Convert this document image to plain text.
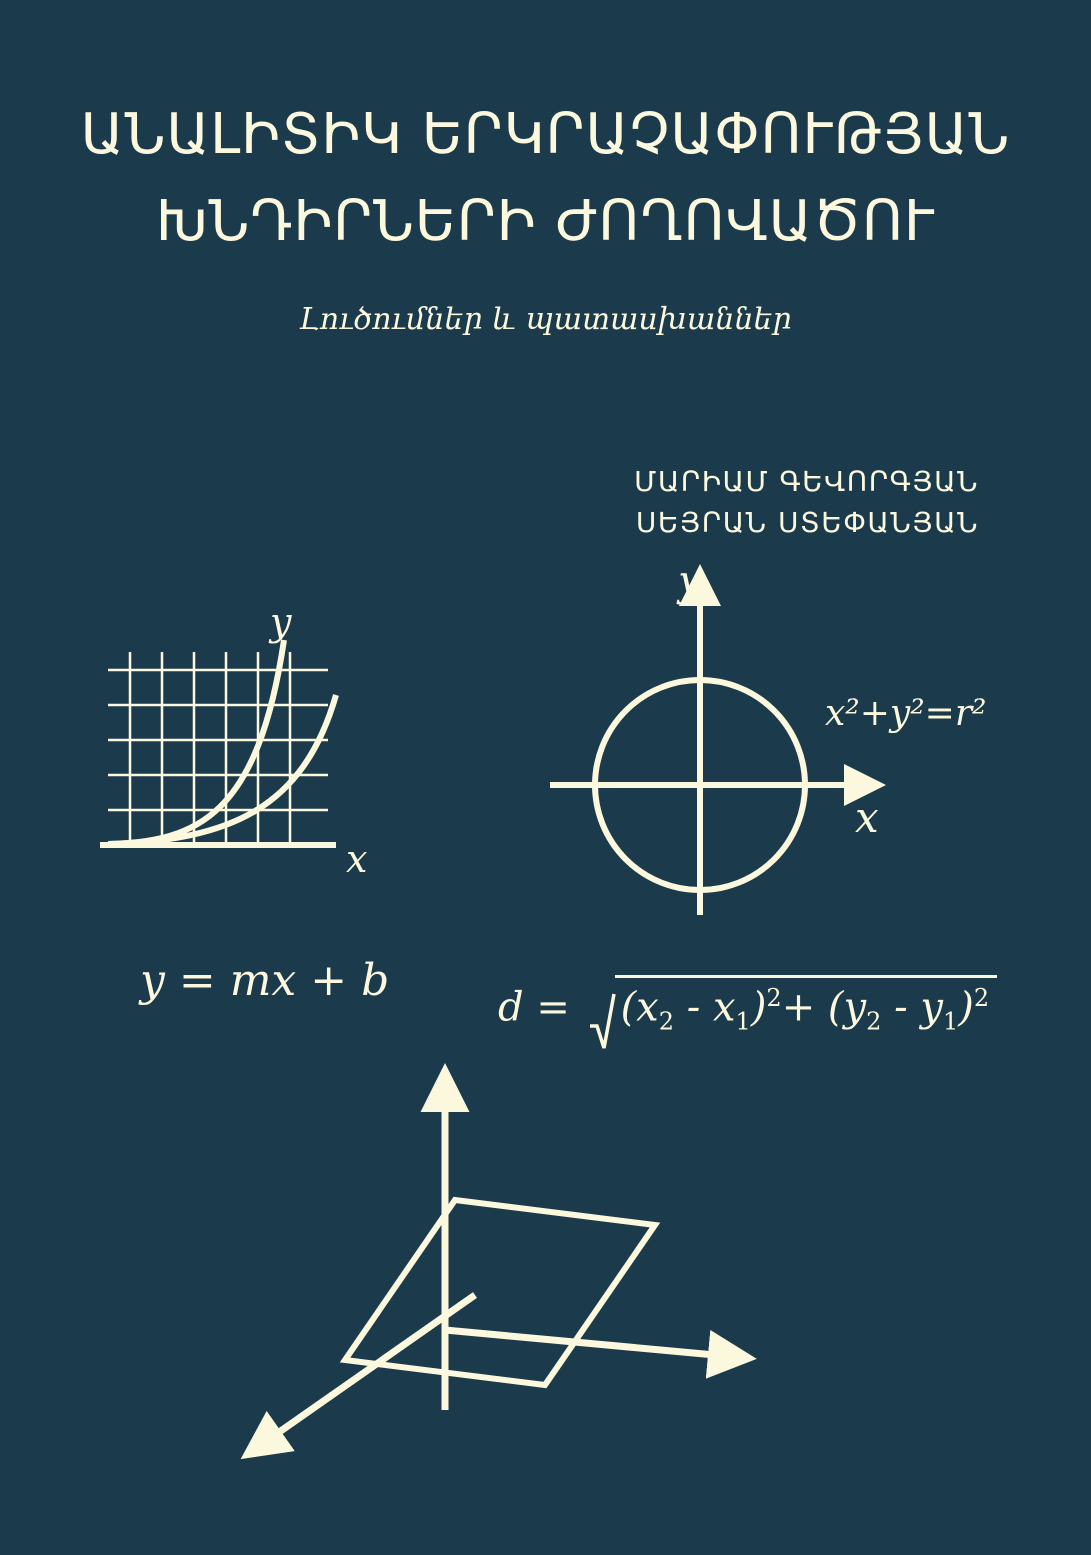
ԱՆԱԼԻՏԻԿ ԵՐԿՐԱՉԱՓՈՒԹՅԱՆ
ԽՆԴԻՐՆԵՐԻ ԺՈՂՈՎԱԾՈՒ
Լուծումներ և պատասխաններ
ՄԱՐԻԱՄ ԳԵՎՈՐԳՅԱՆ
ՍԵՅՐԱՆ ՍՏԵՓԱՆՅԱՆ
y
x
y
x
x²+y²=r²
y = mx + b
$d = (x_2 - x_1)^2+ (y_2 - y_1)^2$
